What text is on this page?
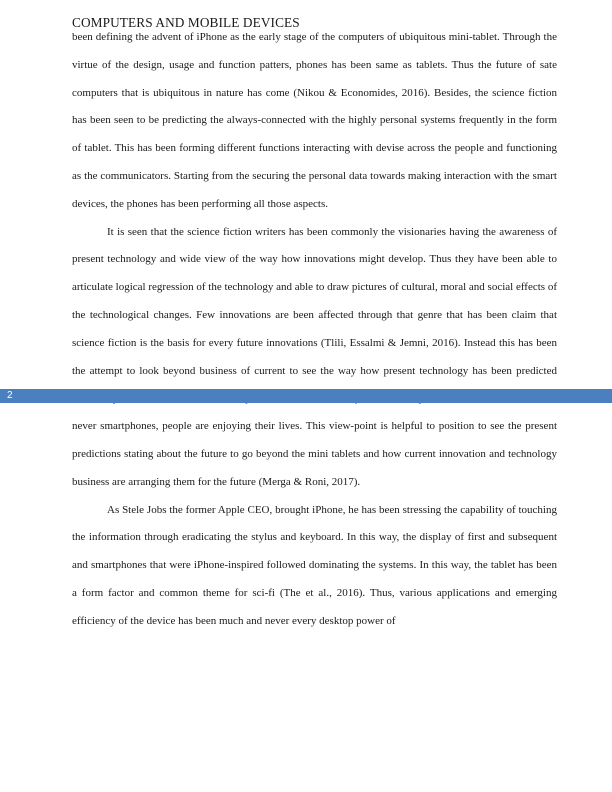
COMPUTERS AND MOBILE DEVICES

been defining the advent of iPhone as the early stage of the computers of ubiquitous mini-tablet. Through the virtue of the design, usage and function patters, phones has been same as tablets. Thus the future of sate computers that is ubiquitous in nature has come (Nikou & Economides, 2016). Besides, the science fiction has been seen to be predicting the always-connected with the highly personal systems frequently in the form of tablet. This has been forming different functions interacting with devise across the people and functioning as the communicators. Starting from the securing the personal data towards making interaction with the smart devices, the phones has been performing all those aspects.

It is seen that the science fiction writers has been commonly the visionaries having the awareness of present technology and wide view of the way how innovations might develop. Thus they have been able to articulate logical regression of the technology and able to draw pictures of cultural, moral and social effects of the technological changes. Few innovations are been affected through that genre that has been claim that science fiction is the basis for every future innovations (Tlili, Essalmi & Jemni, 2016). Instead this has been the attempt to look beyond business of current to see the way how present technology has been predicted never smartphones, people are enjoying their lives. This view-point is helpful to position to see the present predictions stating about the future to go beyond the mini tablets and how current innovation and technology business are arranging them for the future (Merga & Roni, 2017).

As Stele Jobs the former Apple CEO, brought iPhone, he has been stressing the capability of touching the information through eradicating the stylus and keyboard. In this way, the display of first and subsequent and smartphones that were iPhone-inspired followed dominating the systems. In this way, the tablet has been a form factor and common theme for sci-fi (The et al., 2016). Thus, various applications and emerging efficiency of the device has been much and never every desktop power of

2
